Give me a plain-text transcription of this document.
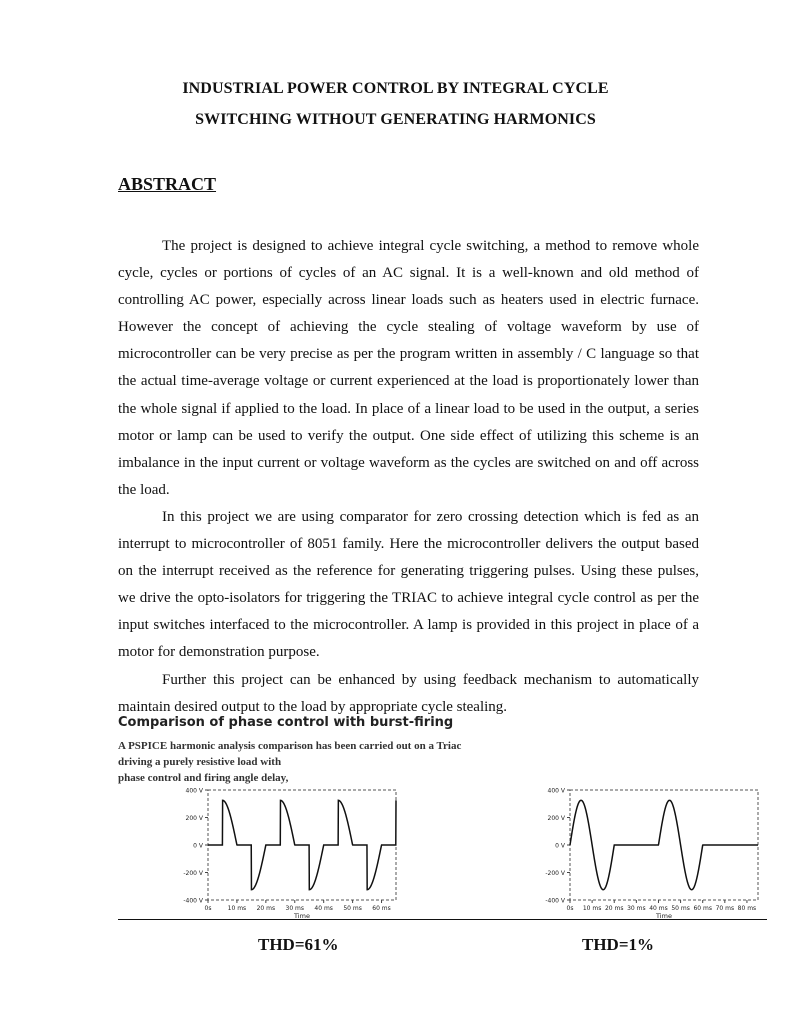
INDUSTRIAL POWER CONTROL BY INTEGRAL CYCLE
SWITCHING WITHOUT GENERATING HARMONICS
ABSTRACT

The project is designed to achieve integral cycle switching, a method to remove whole cycle, cycles or portions of cycles of an AC signal. It is a well-known and old method of controlling AC power, especially across linear loads such as heaters used in electric furnace. However the concept of achieving the cycle stealing of voltage waveform by use of microcontroller can be very precise as per the program written in assembly / C language so that the actual time-average voltage or current experienced at the load is proportionately lower than the whole signal if applied to the load. In place of a linear load to be used in the output, a series motor or lamp can be used to verify the output. One side effect of utilizing this scheme is an imbalance in the input current or voltage waveform as the cycles are switched on and off across the load.

In this project we are using comparator for zero crossing detection which is fed as an interrupt to microcontroller of 8051 family. Here the microcontroller delivers the output based on the interrupt received as the reference for generating triggering pulses. Using these pulses, we drive the opto-isolators for triggering the TRIAC to achieve integral cycle control as per the input switches interfaced to the microcontroller. A lamp is provided in this project in place of a motor for demonstration purpose.

Further this project can be enhanced by using feedback mechanism to automatically maintain desired output to the load by appropriate cycle stealing.

Comparison of phase control with burst-firing
A PSPICE harmonic analysis comparison has been carried out on a Triac
driving a purely resistive load with
phase control and firing angle delay,
400 V
200 V
0 V
-200 V
-400 V
0s	10 ms 20 ms 30 ms 40 ms 50 ms 60 ms
Time
400 V
200 V
0 V
-200 V
-400 V
0s 10 ms 20 ms 30 ms 40 ms 50 ms 60 ms 70 ms 80 ms
Time
THD=61%	THD=1%
